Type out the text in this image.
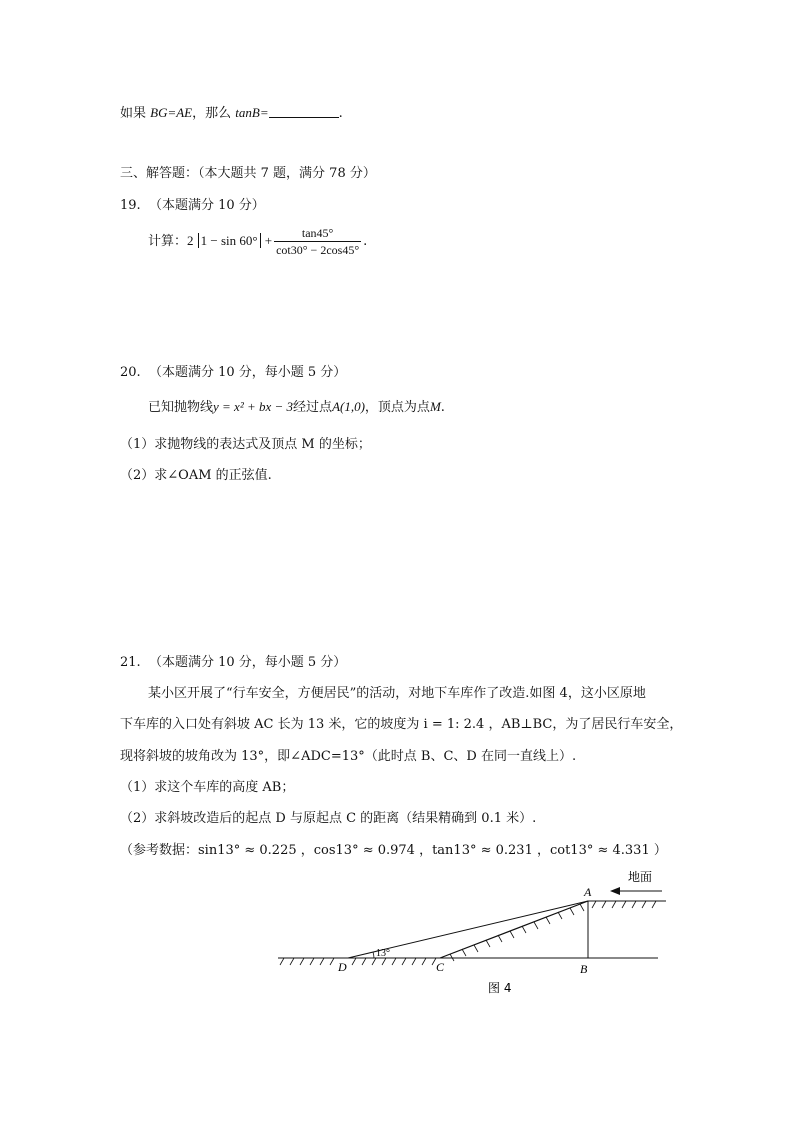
如果 BG=AE，那么 tanB=	.
三、解答题：（本大题共 7 题，满分 78 分）
19. （本题满分 10 分）
计算：2 $1 - \sin 60^\circ + \frac{\tan 45^\circ}{\cot 30^\circ - 2\cos 45^\circ}$ .
20. （本题满分 10 分，每小题 5 分）
已知抛物线y = x² + bx − 3经过点A(1,0)，顶点为点M.
（1）求抛物线的表达式及顶点 M 的坐标；
（2）求∠OAM 的正弦值.
21. （本题满分 10 分，每小题 5 分）
某小区开展了“行车安全，方便居民”的活动，对地下车库作了改造.如图 4，这小区原地
下车库的入口处有斜坡 AC 长为 13 米，它的坡度为 i = 1: 2.4 ，AB⊥BC，为了居民行车安全，
现将斜坡的坡角改为 13°，即∠ADC=13°（此时点 B、C、D 在同一直线上）.
（1）求这个车库的高度 AB；
（2）求斜坡改造后的起点 D 与原起点 C 的距离（结果精确到 0.1 米）.
（参考数据：sin13° ≈ 0.225 ，cos13° ≈ 0.974 ，tan13° ≈ 0.231 ，cot13° ≈ 4.331 ）
13°
A
B
C
D
地面
图 4
